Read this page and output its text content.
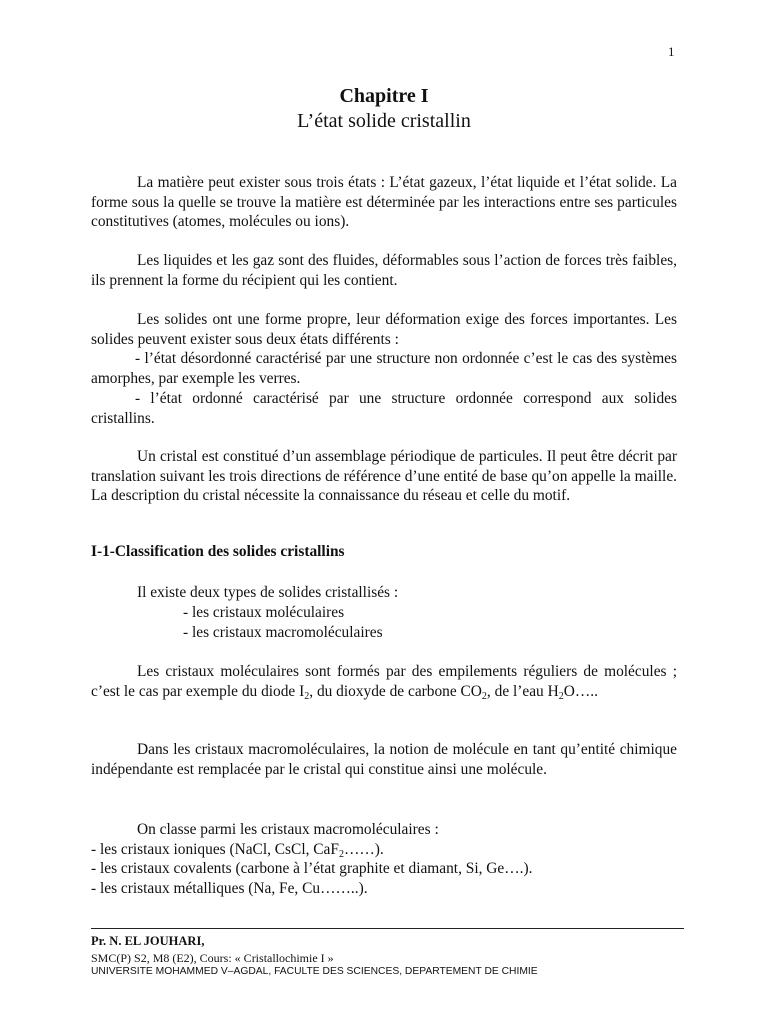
1
Chapitre I
L’état solide cristallin

La matière peut exister sous trois états : L’état gazeux, l’état liquide et l’état solide. La forme sous la quelle se trouve la matière est déterminée par les interactions entre ses particules constitutives (atomes, molécules ou ions).

Les liquides et les gaz sont des fluides, déformables sous l’action de forces très faibles, ils prennent la forme du récipient qui les contient.

Les solides ont une forme propre, leur déformation exige des forces importantes. Les solides peuvent exister sous deux états différents :
- l’état désordonné caractérisé par une structure non ordonnée c’est le cas des systèmes amorphes, par exemple les verres.
- l’état ordonné caractérisé par une structure ordonnée correspond aux solides cristallins.

Un cristal est constitué d’un assemblage périodique de particules. Il peut être décrit par translation suivant les trois directions de référence d’une entité de base qu’on appelle la maille. La description du cristal nécessite la connaissance du réseau et celle du motif.

I-1-Classification des solides cristallins
Il existe deux types de solides cristallisés :
- les cristaux moléculaires
- les cristaux macromoléculaires

Les cristaux moléculaires sont formés par des empilements réguliers de molécules ; c’est le cas par exemple du diode $I_2$, du dioxyde de carbone $CO_2$, de l’eau $H_2O\dots$..

Dans les cristaux macromoléculaires, la notion de molécule en tant qu’entité chimique indépendante est remplacée par le cristal qui constitue ainsi une molécule.

On classe parmi les cristaux macromoléculaires :
- les cristaux ioniques (NaCl, CsCl, CaF$_2$……).
- les cristaux covalents (carbone à l’état graphite et diamant, Si, Ge….).
- les cristaux métalliques (Na, Fe, Cu……..).
Pr. N. EL JOUHARI,
SMC(P) S2, M8 (E2), Cours: « Cristallochimie I »
UNIVERSITE MOHAMMED V–AGDAL, FACULTE DES SCIENCES, DEPARTEMENT DE CHIMIE
